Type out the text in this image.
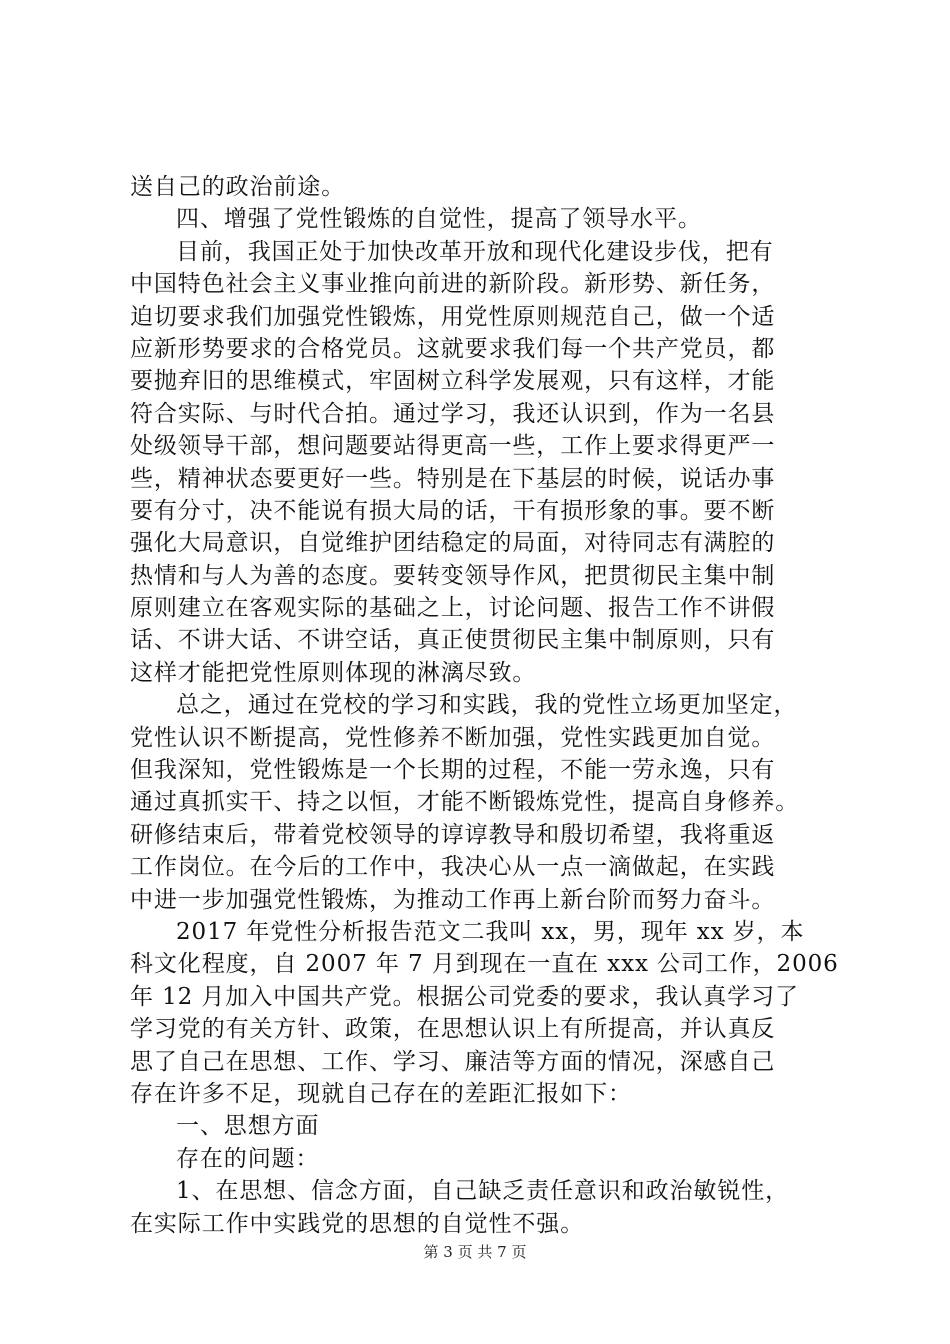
送自己的政治前途。
四、增强了党性锻炼的自觉性，提高了领导水平。
目前，我国正处于加快改革开放和现代化建设步伐，把有
中国特色社会主义事业推向前进的新阶段。新形势、新任务，
迫切要求我们加强党性锻炼，用党性原则规范自己，做一个适
应新形势要求的合格党员。这就要求我们每一个共产党员，都
要抛弃旧的思维模式，牢固树立科学发展观，只有这样，才能
符合实际、与时代合拍。通过学习，我还认识到，作为一名县
处级领导干部，想问题要站得更高一些，工作上要求得更严一
些，精神状态要更好一些。特别是在下基层的时候，说话办事
要有分寸，决不能说有损大局的话，干有损形象的事。要不断
强化大局意识，自觉维护团结稳定的局面，对待同志有满腔的
热情和与人为善的态度。要转变领导作风，把贯彻民主集中制
原则建立在客观实际的基础之上，讨论问题、报告工作不讲假
话、不讲大话、不讲空话，真正使贯彻民主集中制原则，只有
这样才能把党性原则体现的淋漓尽致。
总之，通过在党校的学习和实践，我的党性立场更加坚定，
党性认识不断提高，党性修养不断加强，党性实践更加自觉。
但我深知，党性锻炼是一个长期的过程，不能一劳永逸，只有
通过真抓实干、持之以恒，才能不断锻炼党性，提高自身修养。
研修结束后，带着党校领导的谆谆教导和殷切希望，我将重返
工作岗位。在今后的工作中，我决心从一点一滴做起，在实践
中进一步加强党性锻炼，为推动工作再上新台阶而努力奋斗。
2017 年党性分析报告范文二我叫 xx，男，现年 xx 岁，本
科文化程度，自 2007 年 7 月到现在一直在 xxx 公司工作，2006
年 12 月加入中国共产党。根据公司党委的要求，我认真学习了
学习党的有关方针、政策，在思想认识上有所提高，并认真反
思了自己在思想、工作、学习、廉洁等方面的情况，深感自己
存在许多不足，现就自己存在的差距汇报如下：
一、思想方面
存在的问题：
1、在思想、信念方面，自己缺乏责任意识和政治敏锐性，
在实际工作中实践党的思想的自觉性不强。
第 3 页 共 7 页
